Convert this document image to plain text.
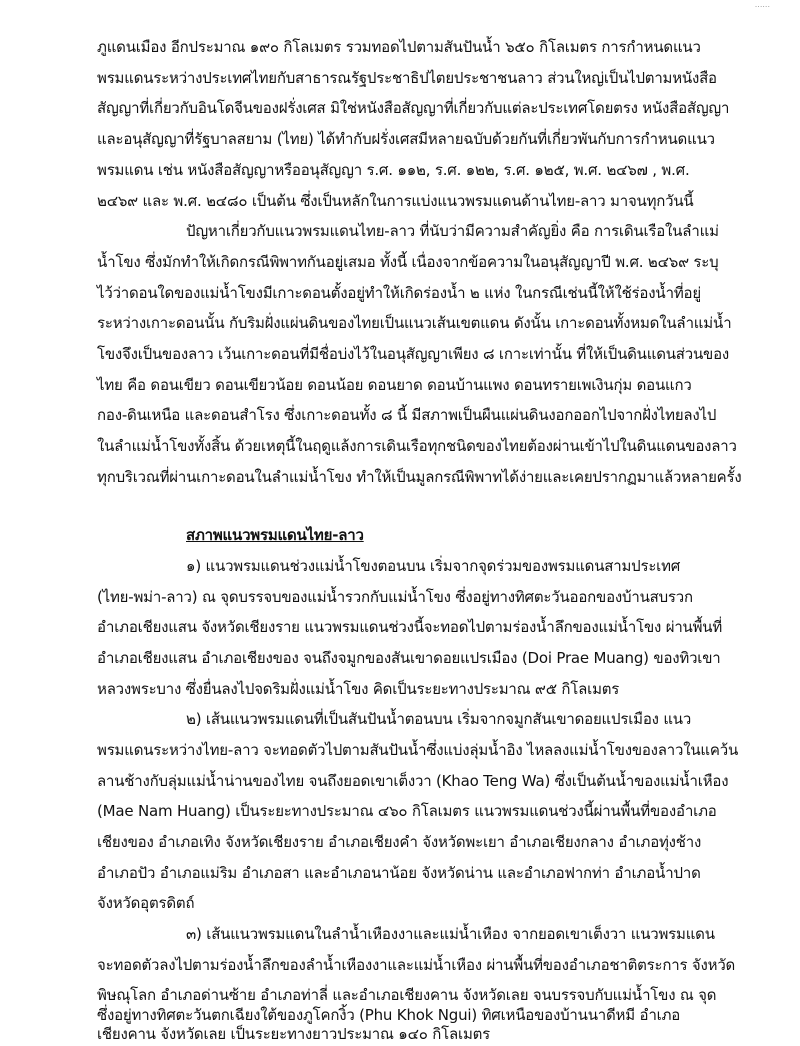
......
ภูแดนเมือง อีกประมาณ ๑๙๐ กิโลเมตร รวมทอดไปตามสันปันน้ำ ๖๕๐ กิโลเมตร การกำหนดแนว
พรมแดนระหว่างประเทศไทยกับสาธารณรัฐประชาธิปไตยประชาชนลาว ส่วนใหญ่เป็นไปตามหนังสือ
สัญญาที่เกี่ยวกับอินโดจีนของฝรั่งเศส มิใช่หนังสือสัญญาที่เกี่ยวกับแต่ละประเทศโดยตรง หนังสือสัญญา
และอนุสัญญาที่รัฐบาลสยาม (ไทย) ได้ทำกับฝรั่งเศสมีหลายฉบับด้วยกันที่เกี่ยวพันกับการกำหนดแนว
พรมแดน เช่น หนังสือสัญญาหรืออนุสัญญา ร.ศ. ๑๑๒, ร.ศ. ๑๒๒, ร.ศ. ๑๒๕, พ.ศ. ๒๔๖๗ , พ.ศ.
๒๔๖๙ และ พ.ศ. ๒๔๘๐ เป็นต้น ซึ่งเป็นหลักในการแบ่งแนวพรมแดนด้านไทย-ลาว มาจนทุกวันนี้
ปัญหาเกี่ยวกับแนวพรมแดนไทย-ลาว ที่นับว่ามีความสำคัญยิ่ง คือ การเดินเรือในลำแม่
น้ำโขง ซึ่งมักทำให้เกิดกรณีพิพาทกันอยู่เสมอ ทั้งนี้ เนื่องจากข้อความในอนุสัญญาปี พ.ศ. ๒๔๖๙ ระบุ
ไว้ว่าดอนใดของแม่น้ำโขงมีเกาะดอนตั้งอยู่ทำให้เกิดร่องน้ำ ๒ แห่ง ในกรณีเช่นนี้ให้ใช้ร่องน้ำที่อยู่
ระหว่างเกาะดอนนั้น กับริมฝั่งแผ่นดินของไทยเป็นแนวเส้นเขตแดน ดังนั้น เกาะดอนทั้งหมดในลำแม่น้ำ
โขงจึงเป็นของลาว เว้นเกาะดอนที่มีชื่อบ่งไว้ในอนุสัญญาเพียง ๘ เกาะเท่านั้น ที่ให้เป็นดินแดนส่วนของ
ไทย คือ ดอนเขียว ดอนเขียวน้อย ดอนน้อย ดอนยาด ดอนบ้านแพง ดอนทรายเพเงินกุ่ม ดอนแกว
กอง-ดินเหนือ และดอนสำโรง ซึ่งเกาะดอนทั้ง ๘ นี้ มีสภาพเป็นผืนแผ่นดินงอกออกไปจากฝั่งไทยลงไป
ในลำแม่น้ำโขงทั้งสิ้น ด้วยเหตุนี้ในฤดูแล้งการเดินเรือทุกชนิดของไทยต้องผ่านเข้าไปในดินแดนของลาว
ทุกบริเวณที่ผ่านเกาะดอนในลำแม่น้ำโขง ทำให้เป็นมูลกรณีพิพาทได้ง่ายและเคยปรากฏมาแล้วหลายครั้ง
สภาพแนวพรมแดนไทย-ลาว
๑) แนวพรมแดนช่วงแม่น้ำโขงตอนบน เริ่มจากจุดร่วมของพรมแดนสามประเทศ
(ไทย-พม่า-ลาว) ณ จุดบรรจบของแม่น้ำรวกกับแม่น้ำโขง ซึ่งอยู่ทางทิศตะวันออกของบ้านสบรวก
อำเภอเชียงแสน จังหวัดเชียงราย แนวพรมแดนช่วงนี้จะทอดไปตามร่องน้ำลึกของแม่น้ำโขง ผ่านพื้นที่
อำเภอเชียงแสน อำเภอเชียงของ จนถึงจมูกของสันเขาดอยแปรเมือง (Doi Prae Muang) ของทิวเขา
หลวงพระบาง ซึ่งยื่นลงไปจดริมฝั่งแม่น้ำโขง คิดเป็นระยะทางประมาณ ๙๕ กิโลเมตร
๒) เส้นแนวพรมแดนที่เป็นสันปันน้ำตอนบน เริ่มจากจมูกสันเขาดอยแปรเมือง แนว
พรมแดนระหว่างไทย-ลาว จะทอดตัวไปตามสันปันน้ำซึ่งแบ่งลุ่มน้ำอิง ไหลลงแม่น้ำโขงของลาวในแคว้น
ลานช้างกับลุ่มแม่น้ำน่านของไทย จนถึงยอดเขาเต็งวา (Khao Teng Wa) ซึ่งเป็นต้นน้ำของแม่น้ำเหือง
(Mae Nam Huang) เป็นระยะทางประมาณ ๔๖๐ กิโลเมตร แนวพรมแดนช่วงนี้ผ่านพื้นที่ของอำเภอ
เชียงของ อำเภอเทิง จังหวัดเชียงราย อำเภอเชียงคำ จังหวัดพะเยา อำเภอเชียงกลาง อำเภอทุ่งช้าง
อำเภอปัว อำเภอแม่ริม อำเภอสา และอำเภอนาน้อย จังหวัดน่าน และอำเภอฟากท่า อำเภอน้ำปาด
จังหวัดอุตรดิตถ์
๓) เส้นแนวพรมแดนในลำน้ำเหืองงาและแม่น้ำเหือง จากยอดเขาเต็งวา แนวพรมแดน
จะทอดตัวลงไปตามร่องน้ำลึกของลำน้ำเหืองงาและแม่น้ำเหือง ผ่านพื้นที่ของอำเภอชาติตระการ จังหวัด
พิษณุโลก อำเภอด่านซ้าย อำเภอท่าลี่ และอำเภอเชียงคาน จังหวัดเลย จนบรรจบกับแม่น้ำโขง ณ จุด
ซึ่งอยู่ทางทิศตะวันตกเฉียงใต้ของภูโคกงิ้ว (Phu Khok Ngui) ทิศเหนือของบ้านนาดีหมี อำเภอ
เชียงคาน จังหวัดเลย เป็นระยะทางยาวประมาณ ๑๔๐ กิโลเมตร
